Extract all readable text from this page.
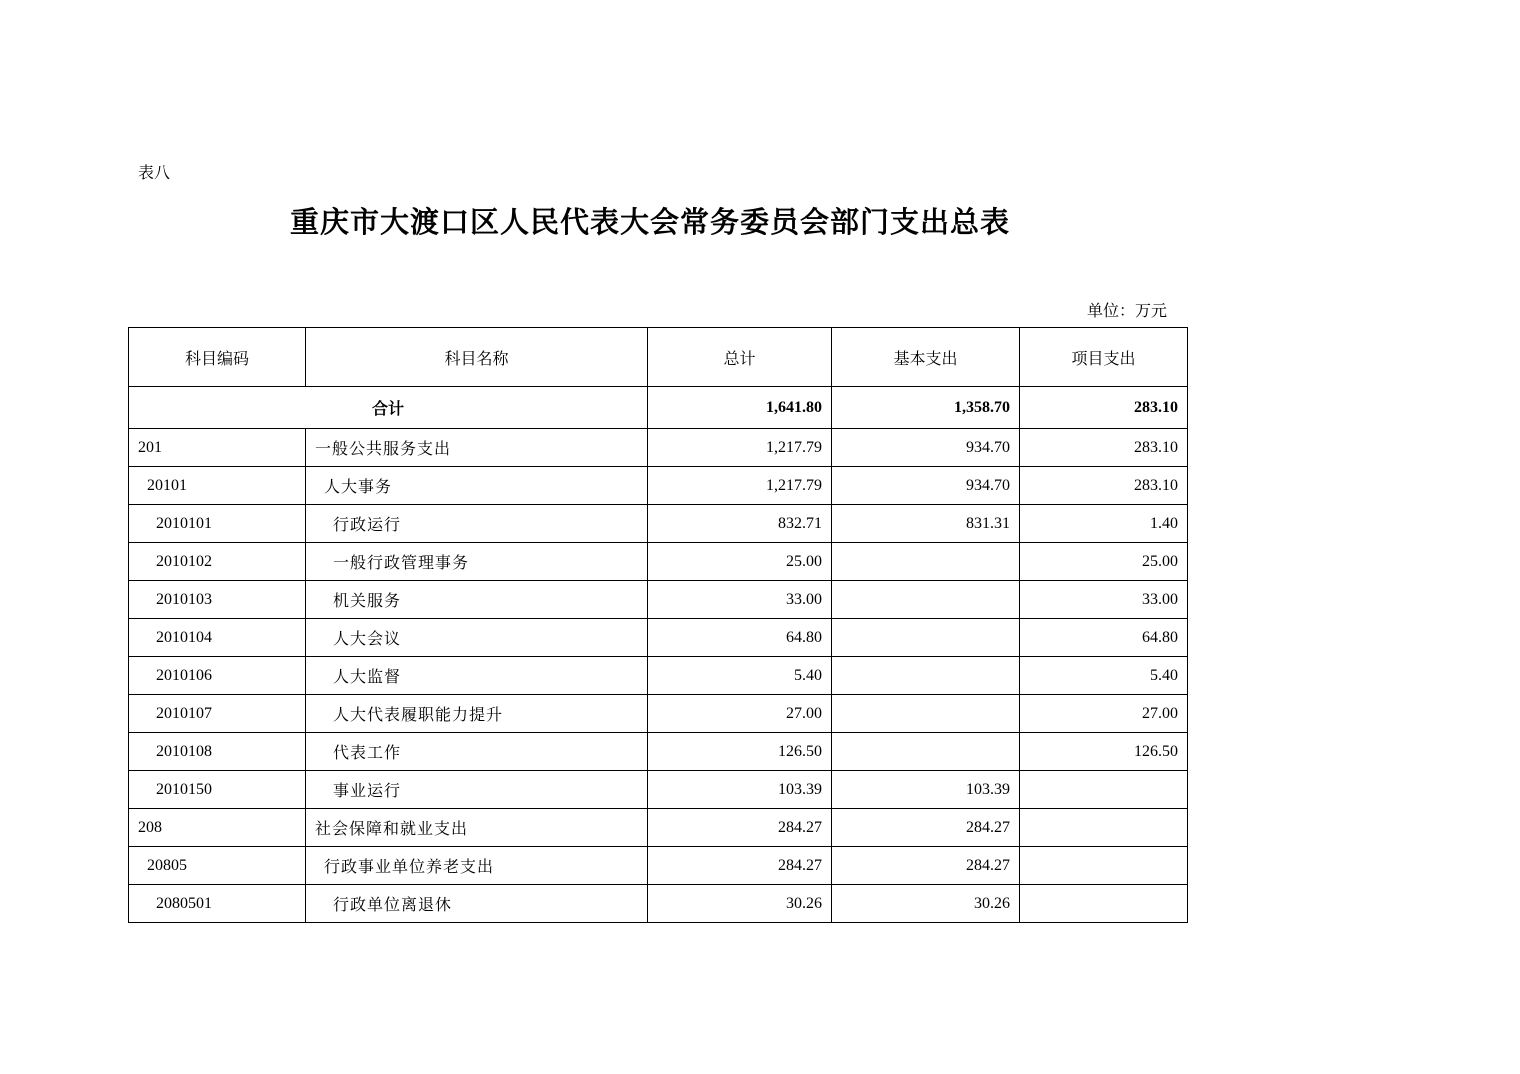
表八
重庆市大渡口区人民代表大会常务委员会部门支出总表
单位：万元
科目编码	科目名称	总计	基本支出	项目支出
合计		1,641.80	1,358.70	283.10
201	一般公共服务支出	1,217.79	934.70	283.10
20101	人大事务	1,217.79	934.70	283.10
2010101	行政运行	832.71	831.31	1.40
2010102	一般行政管理事务	25.00		25.00
2010103	机关服务	33.00		33.00
2010104	人大会议	64.80		64.80
2010106	人大监督	5.40		5.40
2010107	人大代表履职能力提升	27.00		27.00
2010108	代表工作	126.50		126.50
2010150	事业运行	103.39	103.39	
208	社会保障和就业支出	284.27	284.27	
20805	行政事业单位养老支出	284.27	284.27	
2080501	行政单位离退休	30.26	30.26	
